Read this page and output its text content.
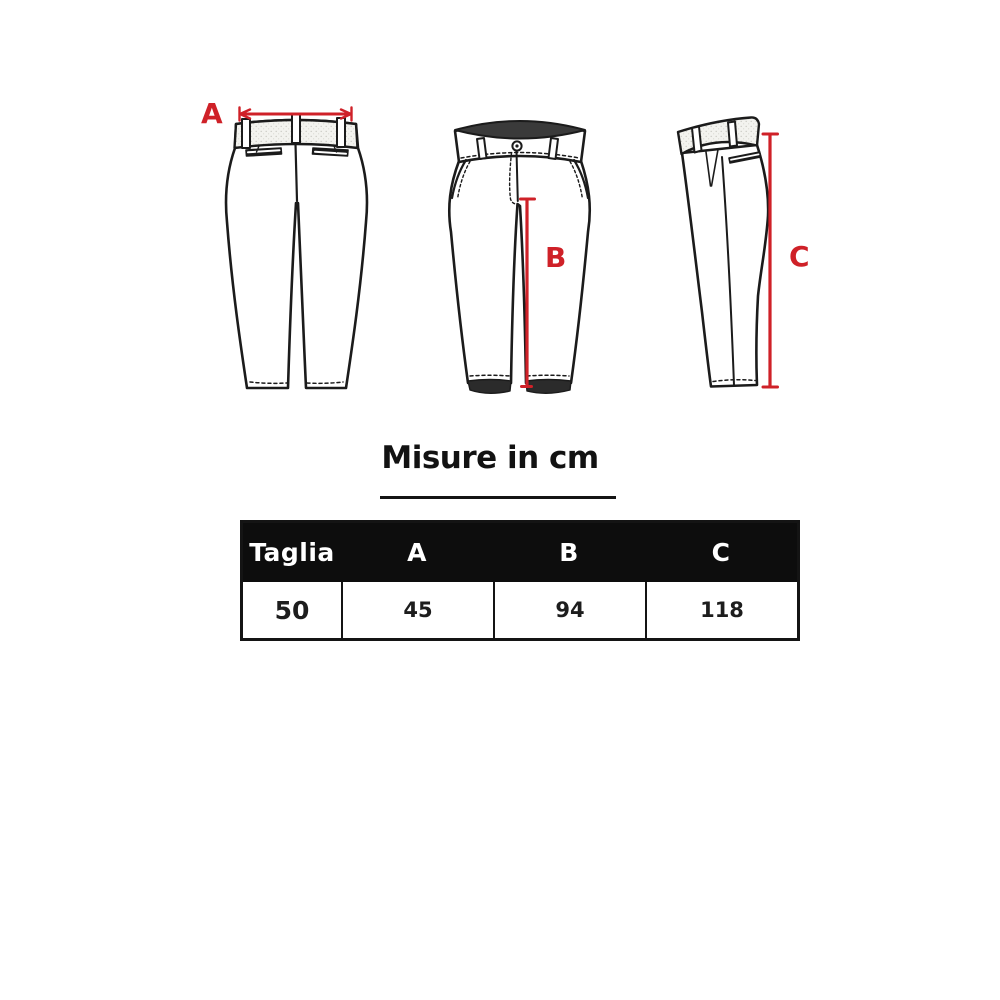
A
B	C
Misure in cm
Taglia	A	B	C
50	45	94	118
